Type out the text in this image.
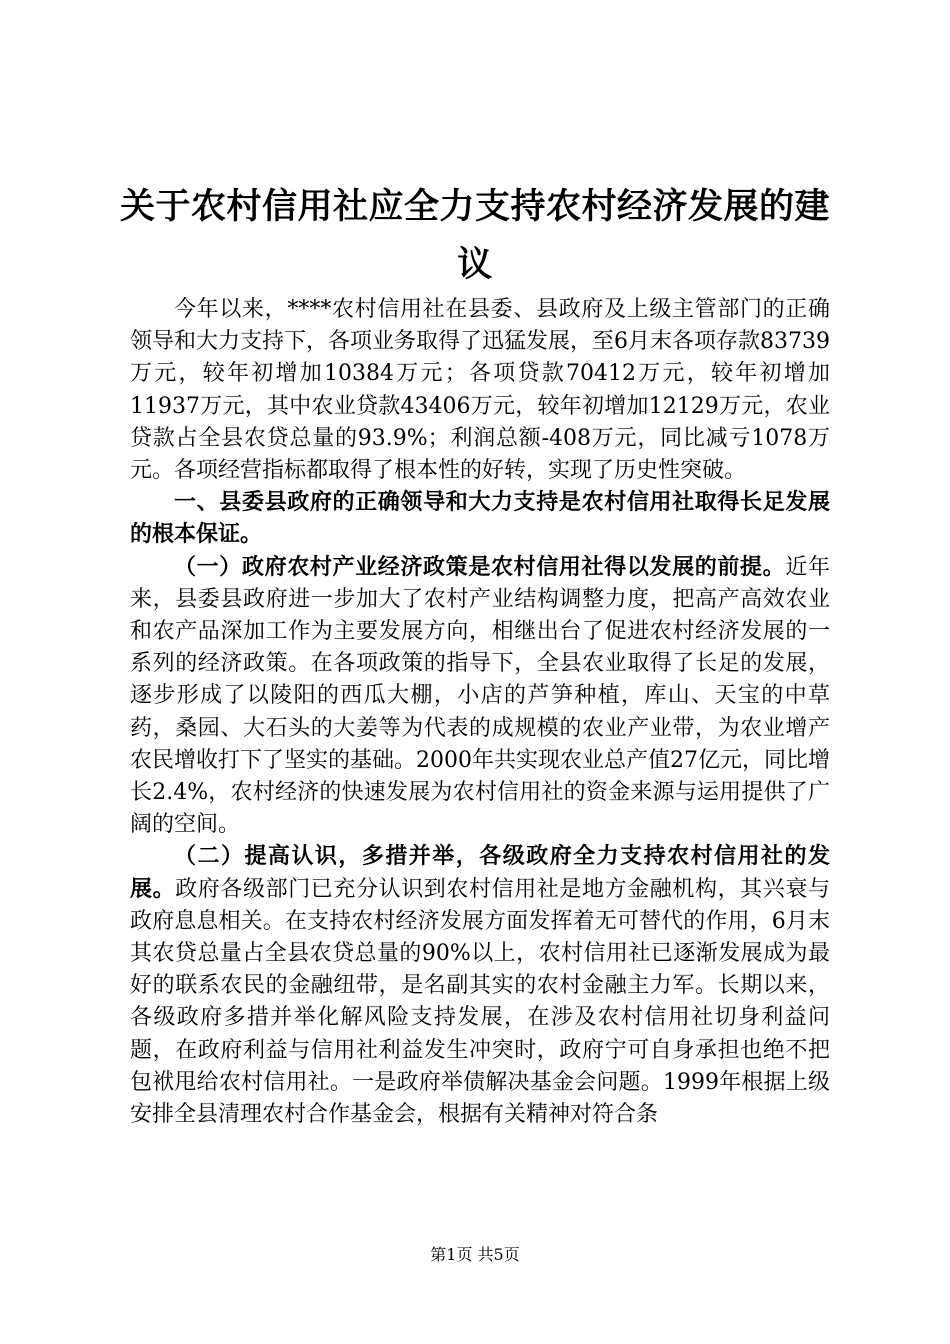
关于农村信用社应全力支持农村经济发展的建议

今年以来，****农村信用社在县委、县政府及上级主管部门的正确领导和大力支持下，各项业务取得了迅猛发展，至6月末各项存款83739万元，较年初增加10384万元；各项贷款70412万元，较年初增加11937万元，其中农业贷款43406万元，较年初增加12129万元，农业贷款占全县农贷总量的93.9%；利润总额-408万元，同比减亏1078万元。各项经营指标都取得了根本性的好转，实现了历史性突破。

一、县委县政府的正确领导和大力支持是农村信用社取得长足发展的根本保证。

（一）政府农村产业经济政策是农村信用社得以发展的前提。近年来，县委县政府进一步加大了农村产业结构调整力度，把高产高效农业和农产品深加工作为主要发展方向，相继出台了促进农村经济发展的一系列的经济政策。在各项政策的指导下，全县农业取得了长足的发展，逐步形成了以陵阳的西瓜大棚，小店的芦笋种植，库山、天宝的中草药，桑园、大石头的大姜等为代表的成规模的农业产业带，为农业增产农民增收打下了坚实的基础。2000年共实现农业总产值27亿元，同比增长2.4%，农村经济的快速发展为农村信用社的资金来源与运用提供了广阔的空间。

（二）提高认识，多措并举，各级政府全力支持农村信用社的发展。政府各级部门已充分认识到农村信用社是地方金融机构，其兴衰与政府息息相关。在支持农村经济发展方面发挥着无可替代的作用，6月末其农贷总量占全县农贷总量的90%以上，农村信用社已逐渐发展成为最好的联系农民的金融纽带，是名副其实的农村金融主力军。长期以来，各级政府多措并举化解风险支持发展，在涉及农村信用社切身利益问题，在政府利益与信用社利益发生冲突时，政府宁可自身承担也绝不把包袱甩给农村信用社。一是政府举债解决基金会问题。1999年根据上级安排全县清理农村合作基金会，根据有关精神对符合条

第1页 共5页
